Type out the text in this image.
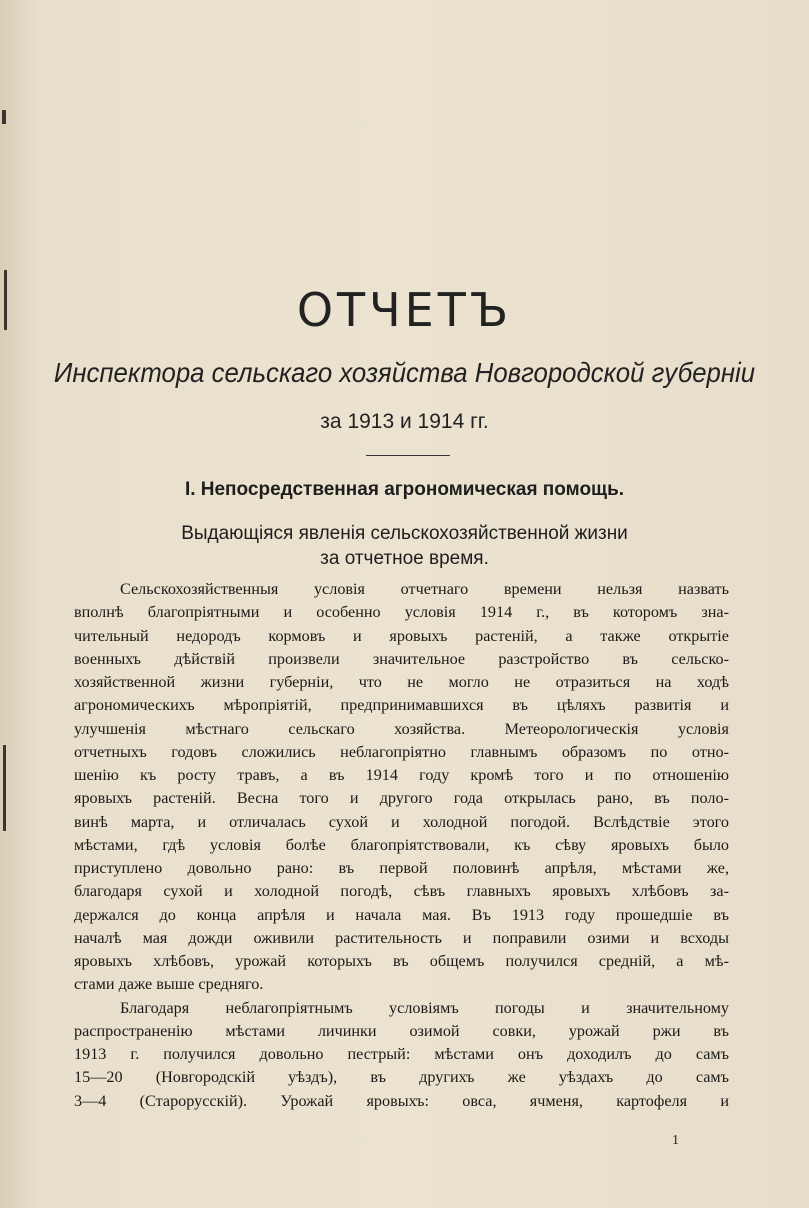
ОТЧЕТЪ
Инспектора сельскаго хозяйства Новгородской губерніи
за 1913 и 1914 гг.
I. Непосредственная агрономическая помощь.
Выдающіяся явленія сельскохозяйственной жизни
за отчетное время.
Сельскохозяйственныя условія отчетнаго времени нельзя назвать
вполнѣ благопріятными и особенно условія 1914 г., въ которомъ зна-
чительный недородъ кормовъ и яровыхъ растеній, а также открытіе
военныхъ дѣйствій произвели значительное разстройство въ сельско-
хозяйственной жизни губерніи, что не могло не отразиться на ходѣ
агрономическихъ мѣропріятій, предпринимавшихся въ цѣляхъ развитія и
улучшенія мѣстнаго сельскаго хозяйства. Метеорологическія условія
отчетныхъ годовъ сложились неблагопріятно главнымъ образомъ по отно-
шенію къ росту травъ, а въ 1914 году кромѣ того и по отношенію
яровыхъ растеній. Весна того и другого года открылась рано, въ поло-
винѣ марта, и отличалась сухой и холодной погодой. Вслѣдствіе этого
мѣстами, гдѣ условія болѣе благопріятствовали, къ сѣву яровыхъ было
приступлено довольно рано: въ первой половинѣ апрѣля, мѣстами же,
благодаря сухой и холодной погодѣ, сѣвъ главныхъ яровыхъ хлѣбовъ за-
держался до конца апрѣля и начала мая. Въ 1913 году прошедшіе въ
началѣ мая дожди оживили растительность и поправили озими и всходы
яровыхъ хлѣбовъ, урожай которыхъ въ общемъ получился средній, а мѣ-
стами даже выше средняго.
Благодаря неблагопріятнымъ условіямъ погоды и значительному
распространенію мѣстами личинки озимой совки, урожай ржи въ
1913 г. получился довольно пестрый: мѣстами онъ доходилъ до самъ
15—20 (Новгородскій уѣздъ), въ другихъ же уѣздахъ до самъ
3—4 (Старорусскій). Урожай яровыхъ: овса, ячменя, картофеля и
1
